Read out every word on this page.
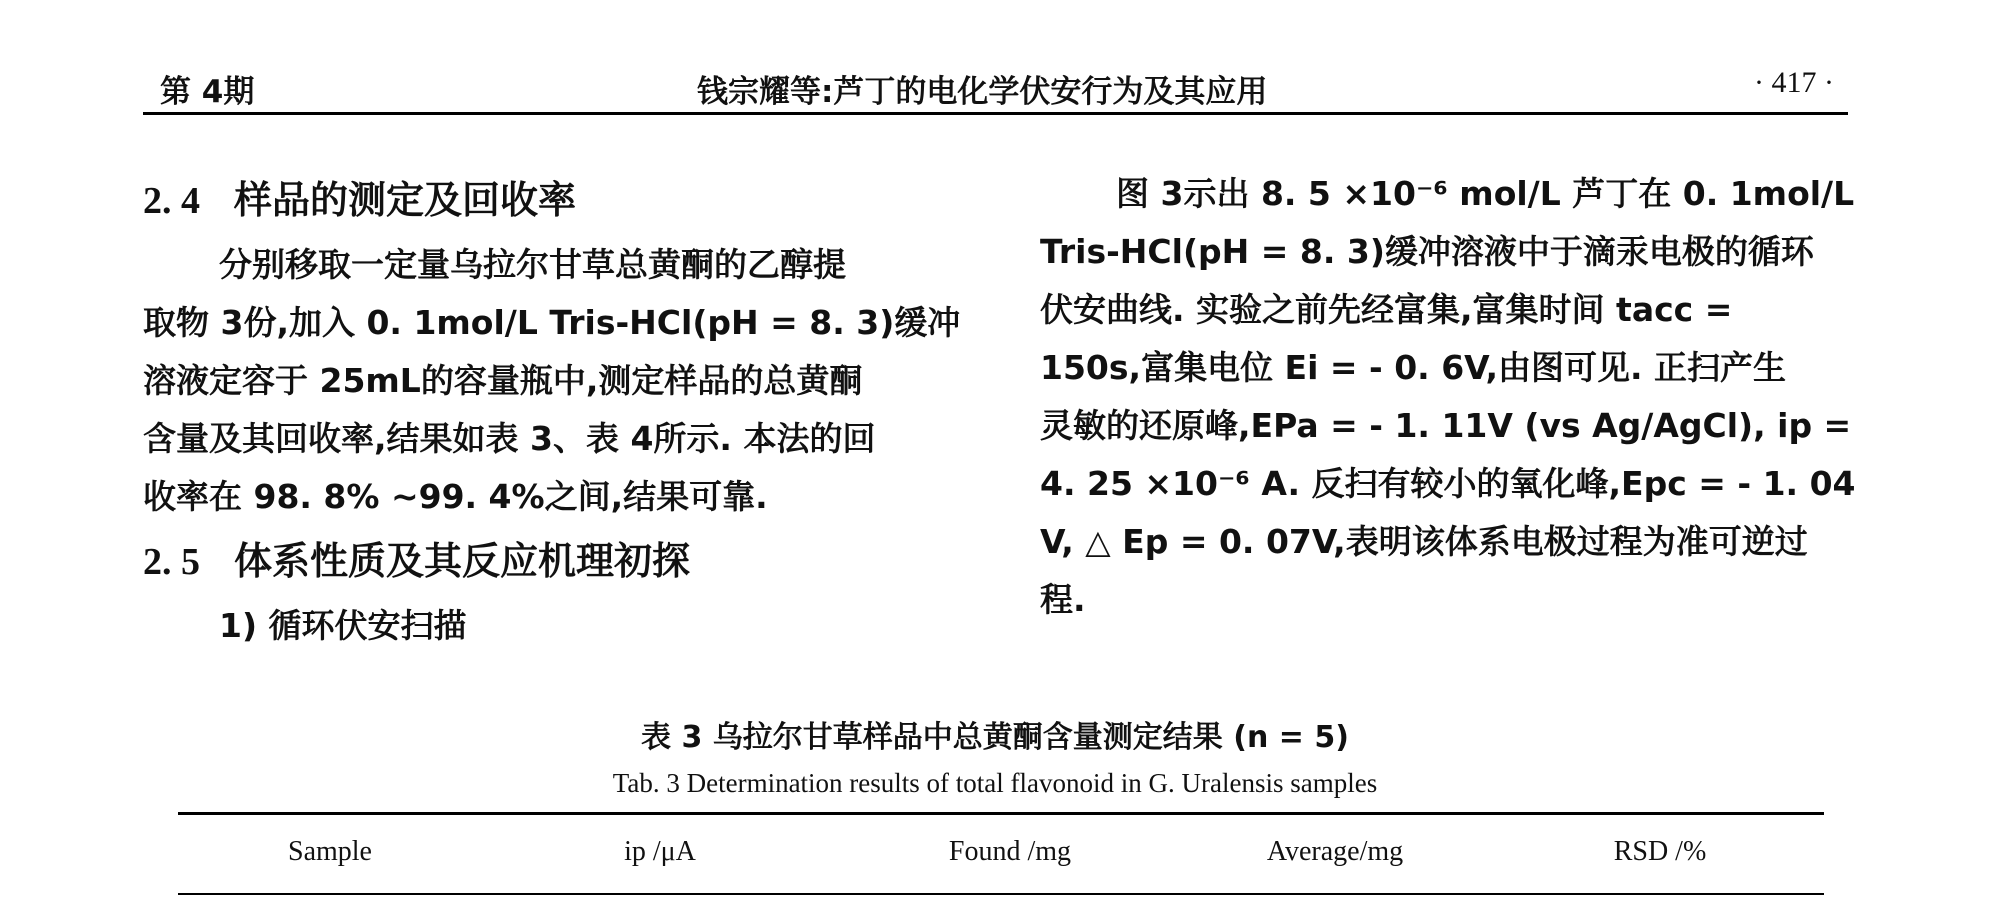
第 4期	钱宗耀等:芦丁的电化学伏安行为及其应用	· 417 ·

2. 4 样品的测定及回收率

分别移取一定量乌拉尔甘草总黄酮的乙醇提

取物 3份,加入 0. 1mol/L Tris-HCl(pH = 8. 3)缓冲

溶液定容于 25mL的容量瓶中,测定样品的总黄酮

含量及其回收率,结果如表 3、表 4所示. 本法的回

收率在 98. 8% ~99. 4%之间,结果可靠.

2. 5 体系性质及其反应机理初探

1) 循环伏安扫描

图 3示出 8. 5 ×10⁻⁶ mol/L 芦丁在 0. 1mol/L

Tris-HCl(pH = 8. 3)缓冲溶液中于滴汞电极的循环

伏安曲线. 实验之前先经富集,富集时间 tacc =

150s,富集电位 Ei = - 0. 6V,由图可见. 正扫产生

灵敏的还原峰,EPa = - 1. 11V (vs Ag/AgCl), ip =

4. 25 ×10⁻⁶ A. 反扫有较小的氧化峰,Epc = - 1. 04

V, △ Ep = 0. 07V,表明该体系电极过程为准可逆过

程.

表 3 乌拉尔甘草样品中总黄酮含量测定结果 (n = 5)
Tab. 3 Determination results of total flavonoid in G. Uralensis samples
Sample	ip /μA	Found /mg	Average/mg	RSD /%
